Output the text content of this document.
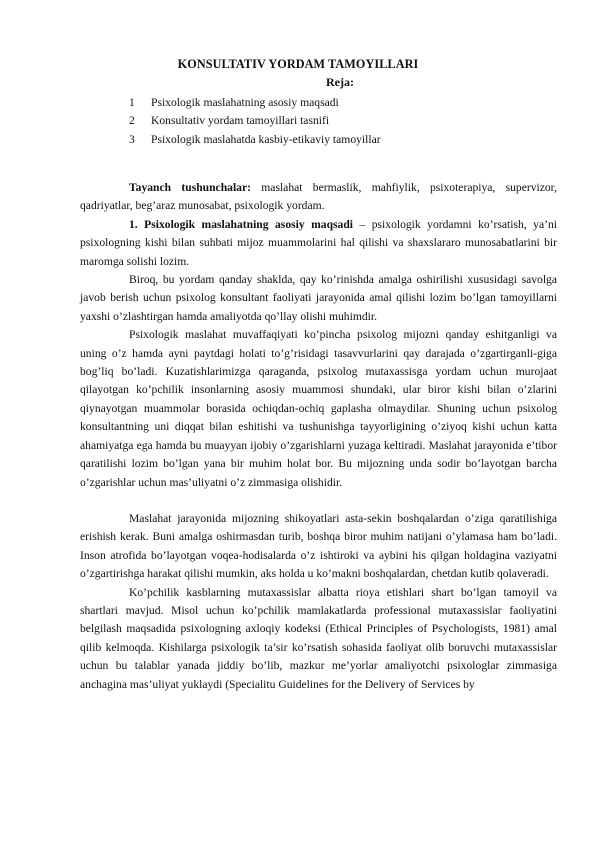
KONSULTATIV YORDAM TAMOYILLARI
Reja:
1 Psixologik maslahatning asosiy maqsadi
2 Konsultativ yordam tamoyillari tasnifi
3 Psixologik maslahatda kasbiy-etikaviy tamoyillar

Tayanch tushunchalar: maslahat bermaslik, mahfiylik, psixoterapiya, supervizor, qadriyatlar, beg’araz munosabat, psixologik yordam.

1. Psixologik maslahatning asosiy maqsadi – psixologik yordamni ko’rsatish, ya’ni psixologning kishi bilan suhbati mijoz muammolarini hal qilishi va shaxslararo munosabatlarini bir maromga solishi lozim.

Biroq, bu yordam qanday shaklda, qay ko’rinishda amalga oshirilishi xususidagi savolga javob berish uchun psixolog konsultant faoliyati jarayonida amal qilishi lozim bo’lgan tamoyillarni yaxshi o’zlashtirgan hamda amaliyotda qo’llay olishi muhimdir.

Psixologik maslahat muvaffaqiyati ko’pincha psixolog mijozni qanday eshitganligi va uning o’z hamda ayni paytdagi holati to’g’risidagi tasavvurlarini qay darajada o’zgartirganli-giga bog’liq bo’ladi. Kuzatishlarimizga qaraganda, psixolog mutaxassisga yordam uchun murojaat qilayotgan ko’pchilik insonlarning asosiy muammosi shundaki, ular biror kishi bilan o’zlarini qiynayotgan muammolar borasida ochiqdan-ochiq gaplasha olmaydilar. Shuning uchun psixolog konsultantning uni diqqat bilan eshitishi va tushunishga tayyorligining o’ziyoq kishi uchun katta ahamiyatga ega hamda bu muayyan ijobiy o’zgarishlarni yuzaga keltiradi. Maslahat jarayonida e’tibor qaratilishi lozim bo’lgan yana bir muhim holat bor. Bu mijozning unda sodir bo’layotgan barcha o’zgarishlar uchun mas’uliyatni o’z zimmasiga olishidir.

Maslahat jarayonida mijozning shikoyatlari asta-sekin boshqalardan o’ziga qaratilishiga erishish kerak. Buni amalga oshirmasdan turib, boshqa biror muhim natijani o’ylamasa ham bo’ladi. Inson atrofida bo’layotgan voqea-hodisalarda o’z ishtiroki va aybini his qilgan holdagina vaziyatni o’zgartirishga harakat qilishi mumkin, aks holda u ko’makni boshqalardan, chetdan kutib qolaveradi.

Ko’pchilik kasblarning mutaxassislar albatta rioya etishlari shart bo’lgan tamoyil va shartlari mavjud. Misol uchun ko’pchilik mamlakatlarda professional mutaxassislar faoliyatini belgilash maqsadida psixologning axloqiy kodeksi (Ethical Principles of Psychologists, 1981) amal qilib kelmoqda. Kishilarga psixologik ta’sir ko’rsatish sohasida faoliyat olib boruvchi mutaxassislar uchun bu talablar yanada jiddiy bo’lib, mazkur me’yorlar amaliyotchi psixologlar zimmasiga anchagina mas’uliyat yuklaydi (Specialitu Guidelines for the Delivery of Services by
